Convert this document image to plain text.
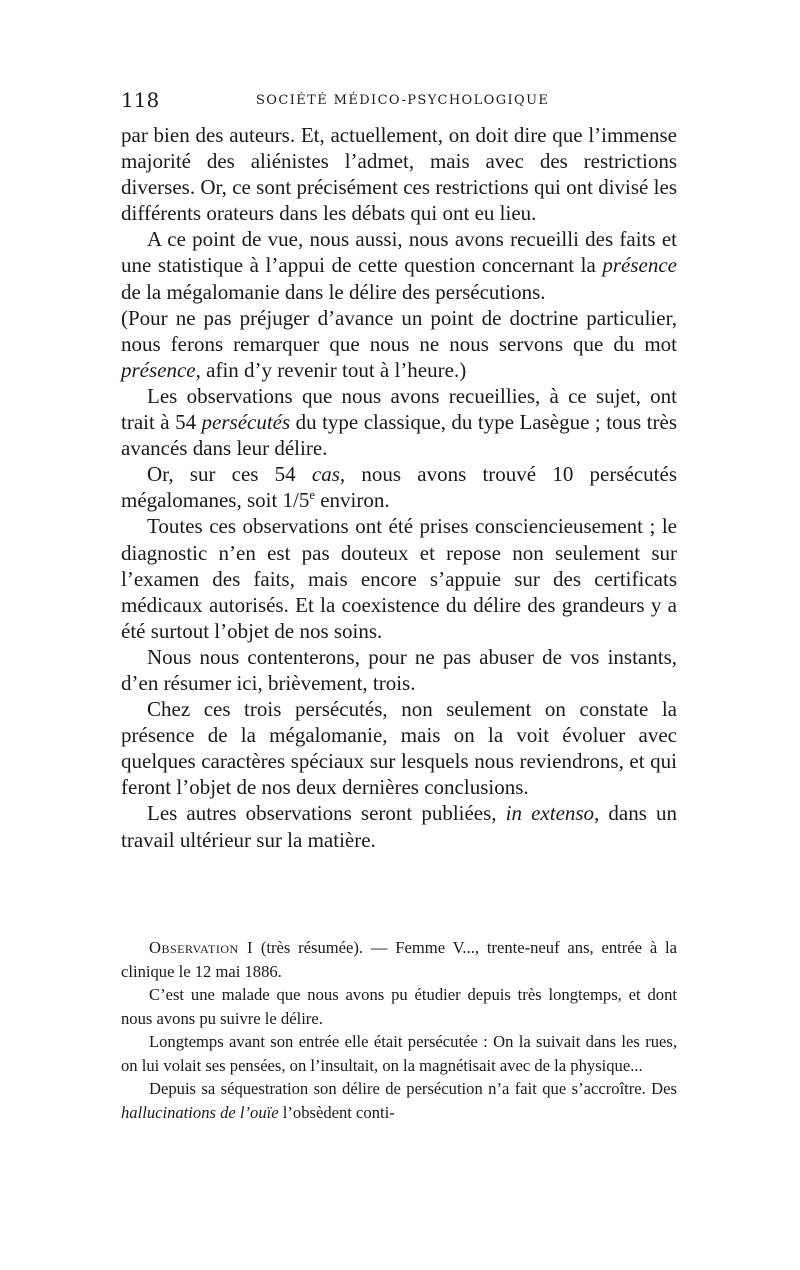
118	SOCIÉTÉ MÉDICO-PSYCHOLOGIQUE

par bien des auteurs. Et, actuellement, on doit dire que l’immense majorité des aliénistes l’admet, mais avec des restrictions diverses. Or, ce sont précisément ces restrictions qui ont divisé les différents orateurs dans les débats qui ont eu lieu.

A ce point de vue, nous aussi, nous avons recueilli des faits et une statistique à l’appui de cette question concernant la présence de la mégalomanie dans le délire des persécutions.

(Pour ne pas préjuger d’avance un point de doctrine particulier, nous ferons remarquer que nous ne nous servons que du mot présence, afin d’y revenir tout à l’heure.)

Les observations que nous avons recueillies, à ce sujet, ont trait à 54 persécutés du type classique, du type Lasègue ; tous très avancés dans leur délire.

Or, sur ces 54 cas, nous avons trouvé 10 persécutés mégalomanes, soit 1/5e environ.

Toutes ces observations ont été prises consciencieusement ; le diagnostic n’en est pas douteux et repose non seulement sur l’examen des faits, mais encore s’appuie sur des certificats médicaux autorisés. Et la coexistence du délire des grandeurs y a été surtout l’objet de nos soins.

Nous nous contenterons, pour ne pas abuser de vos instants, d’en résumer ici, brièvement, trois.

Chez ces trois persécutés, non seulement on constate la présence de la mégalomanie, mais on la voit évoluer avec quelques caractères spéciaux sur lesquels nous reviendrons, et qui feront l’objet de nos deux dernières conclusions.

Les autres observations seront publiées, in extenso, dans un travail ultérieur sur la matière.

Observation I (très résumée). — Femme V..., trente-neuf ans, entrée à la clinique le 12 mai 1886.

C’est une malade que nous avons pu étudier depuis très longtemps, et dont nous avons pu suivre le délire.

Longtemps avant son entrée elle était persécutée : On la suivait dans les rues, on lui volait ses pensées, on l’insultait, on la magnétisait avec de la physique...

Depuis sa séquestration son délire de persécution n’a fait que s’accroître. Des hallucinations de l’ouïe l’obsèdent conti-
